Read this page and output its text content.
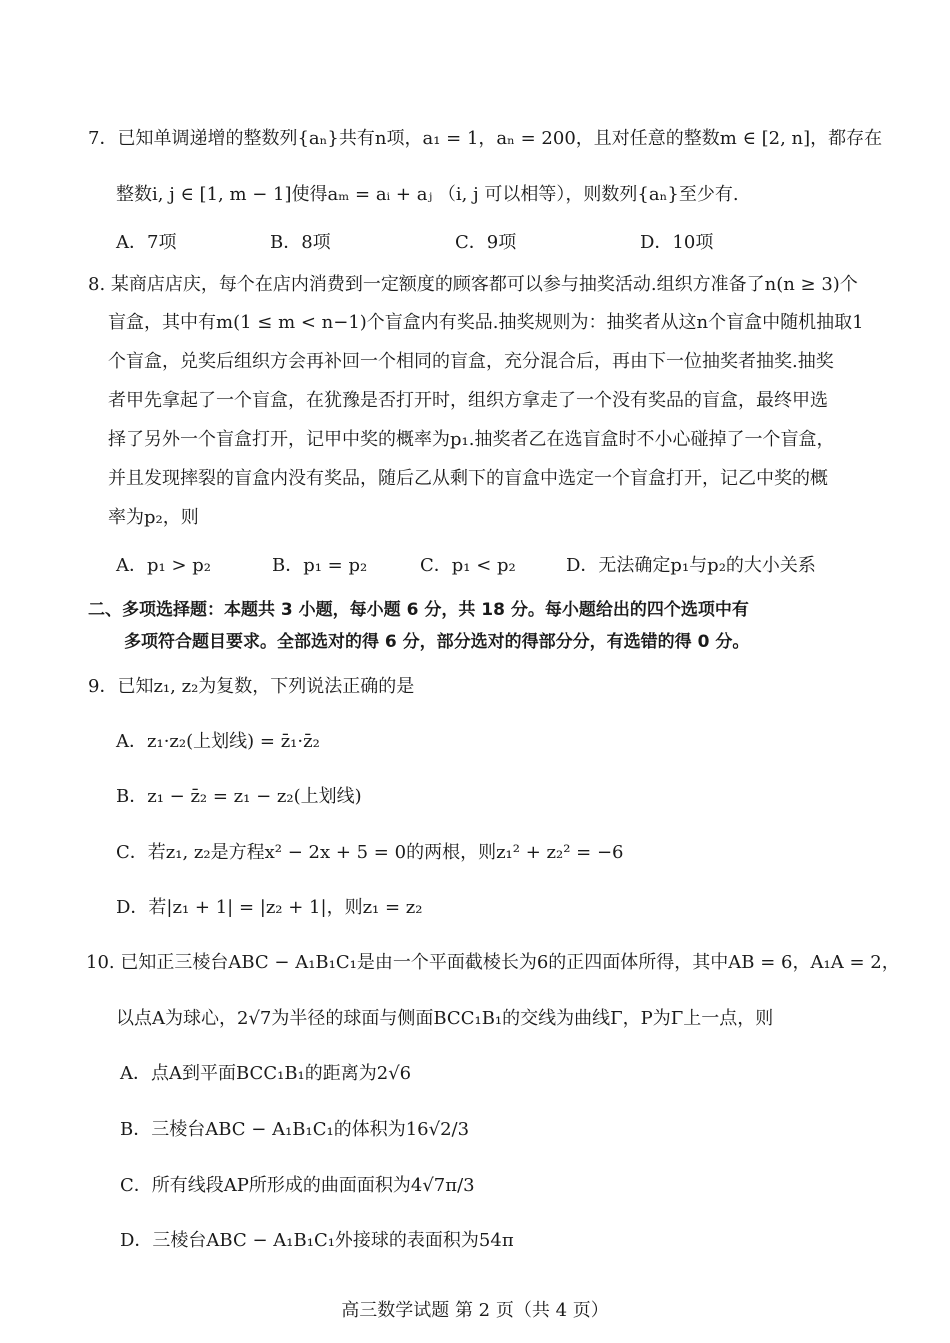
7．已知单调递增的整数列{aₙ}共有n项，a₁ = 1，aₙ = 200，且对任意的整数m ∈ [2, n]，都存在
整数i, j ∈ [1, m − 1]使得aₘ = aᵢ + aⱼ （i, j 可以相等），则数列{aₙ}至少有.
A．7项	B．8项	C．9项	D．10项
8. 某商店店庆，每个在店内消费到一定额度的顾客都可以参与抽奖活动.组织方准备了n(n ≥ 3)个
盲盒，其中有m(1 ≤ m < n−1)个盲盒内有奖品.抽奖规则为：抽奖者从这n个盲盒中随机抽取1
个盲盒，兑奖后组织方会再补回一个相同的盲盒，充分混合后，再由下一位抽奖者抽奖.抽奖
者甲先拿起了一个盲盒，在犹豫是否打开时，组织方拿走了一个没有奖品的盲盒，最终甲选
择了另外一个盲盒打开，记甲中奖的概率为p₁.抽奖者乙在选盲盒时不小心碰掉了一个盲盒，
并且发现摔裂的盲盒内没有奖品，随后乙从剩下的盲盒中选定一个盲盒打开，记乙中奖的概
率为p₂，则
A．p₁ > p₂	B．p₁ = p₂	C．p₁ < p₂	D．无法确定p₁与p₂的大小关系
二、多项选择题：本题共 3 小题，每小题 6 分，共 18 分。每小题给出的四个选项中有
多项符合题目要求。全部选对的得 6 分，部分选对的得部分分，有选错的得 0 分。
9．已知z₁, z₂为复数，下列说法正确的是
A．z₁·z₂(上划线) = z̄₁·z̄₂
B．z₁ − z̄₂ = z₁ − z₂(上划线)
C．若z₁, z₂是方程x² − 2x + 5 = 0的两根，则z₁² + z₂² = −6
D．若|z₁ + 1| = |z₂ + 1|，则z₁ = z₂
10. 已知正三棱台ABC − A₁B₁C₁是由一个平面截棱长为6的正四面体所得，其中AB = 6，A₁A = 2，
以点A为球心，2√7为半径的球面与侧面BCC₁B₁的交线为曲线Γ，P为Γ上一点，则
A．点A到平面BCC₁B₁的距离为2√6
B．三棱台ABC − A₁B₁C₁的体积为16√2/3
C．所有线段AP所形成的曲面面积为4√7π/3
D．三棱台ABC − A₁B₁C₁外接球的表面积为54π
高三数学试题 第 2 页（共 4 页）
